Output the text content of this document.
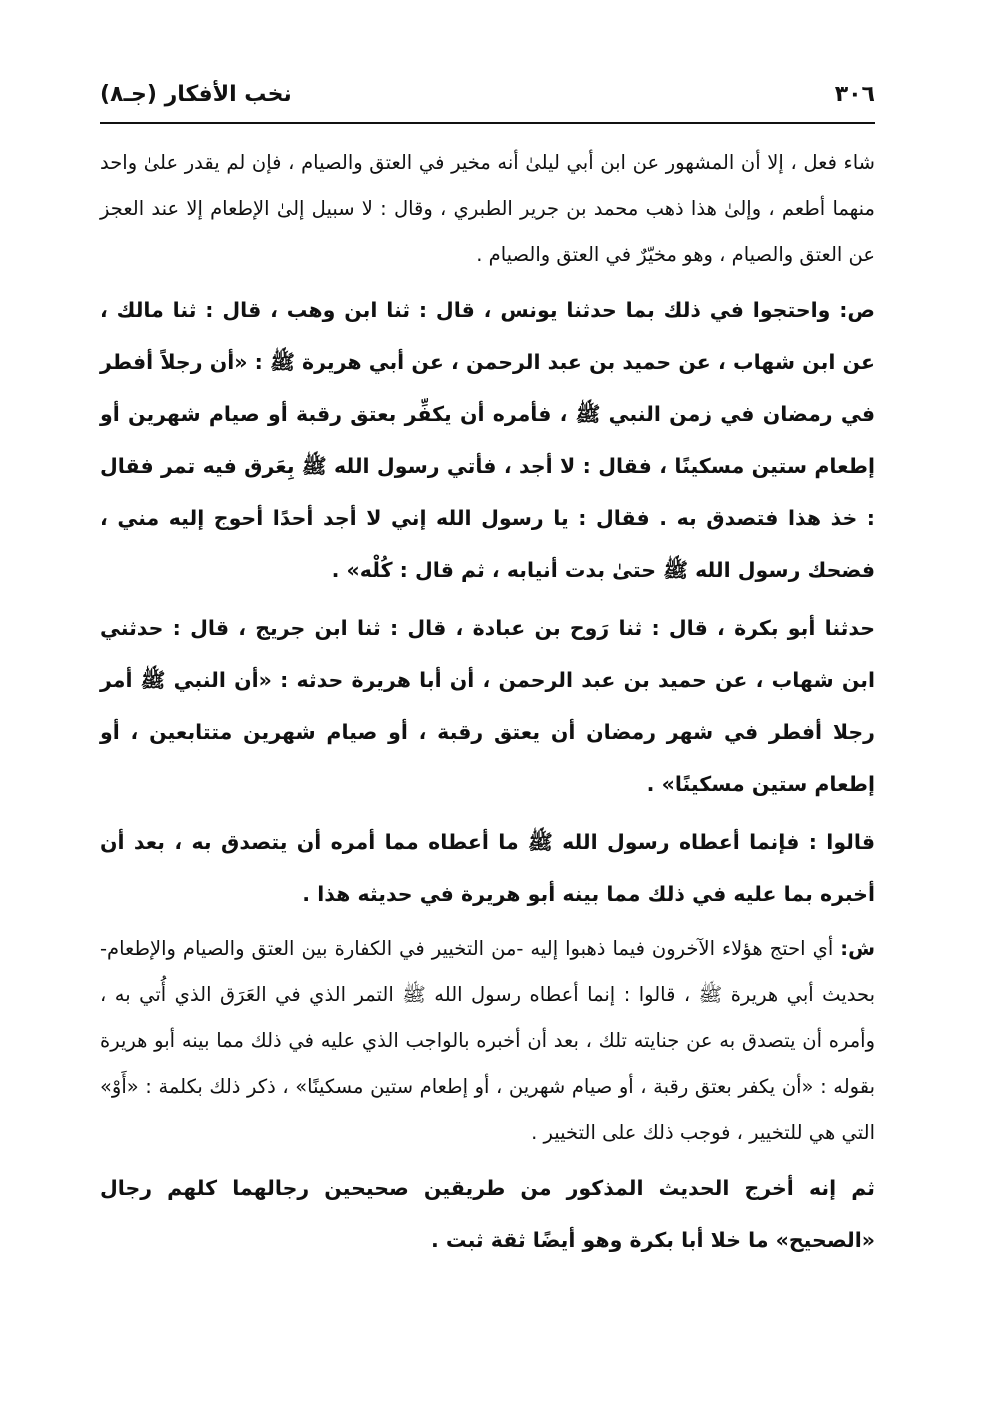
٣٠٦
نخب الأفكار (جـ٨)

شاء فعل ، إلا أن المشهور عن ابن أبي ليلىٰ أنه مخير في العتق والصيام ، فإن لم يقدر علىٰ واحد منهما أطعم ، وإلىٰ هذا ذهب محمد بن جرير الطبري ، وقال : لا سبيل إلىٰ الإطعام إلا عند العجز عن العتق والصيام ، وهو مخيّرٌ في العتق والصيام .

ص: واحتجوا في ذلك بما حدثنا يونس ، قال : ثنا ابن وهب ، قال : ثنا مالك ، عن ابن شهاب ، عن حميد بن عبد الرحمن ، عن أبي هريرة ﷺ : «أن رجلاً أفطر في رمضان في زمن النبي ﷺ ، فأمره أن يكفِّر بعتق رقبة أو صيام شهرين أو إطعام ستين مسكينًا ، فقال : لا أجد ، فأتي رسول الله ﷺ بِعَرق فيه تمر فقال : خذ هذا فتصدق به . فقال : يا رسول الله إني لا أجد أحدًا أحوج إليه مني ، فضحك رسول الله ﷺ حتىٰ بدت أنيابه ، ثم قال : كُلْه» .

حدثنا أبو بكرة ، قال : ثنا رَوح بن عبادة ، قال : ثنا ابن جريج ، قال : حدثني ابن شهاب ، عن حميد بن عبد الرحمن ، أن أبا هريرة حدثه : «أن النبي ﷺ أمر رجلا أفطر في شهر رمضان أن يعتق رقبة ، أو صيام شهرين متتابعين ، أو إطعام ستين مسكينًا» .

قالوا : فإنما أعطاه رسول الله ﷺ ما أعطاه مما أمره أن يتصدق به ، بعد أن أخبره بما عليه في ذلك مما بينه أبو هريرة في حديثه هذا .

ش: أي احتج هؤلاء الآخرون فيما ذهبوا إليه -من التخيير في الكفارة بين العتق والصيام والإطعام- بحديث أبي هريرة ﷺ ، قالوا : إنما أعطاه رسول الله ﷺ التمر الذي في العَرَق الذي أُتي به ، وأمره أن يتصدق به عن جنايته تلك ، بعد أن أخبره بالواجب الذي عليه في ذلك مما بينه أبو هريرة بقوله : «أن يكفر بعتق رقبة ، أو صيام شهرين ، أو إطعام ستين مسكينًا» ، ذكر ذلك بكلمة : «أَوْ» التي هي للتخيير ، فوجب ذلك على التخيير .

ثم إنه أخرج الحديث المذكور من طريقين صحيحين رجالهما كلهم رجال «الصحيح» ما خلا أبا بكرة وهو أيضًا ثقة ثبت .
